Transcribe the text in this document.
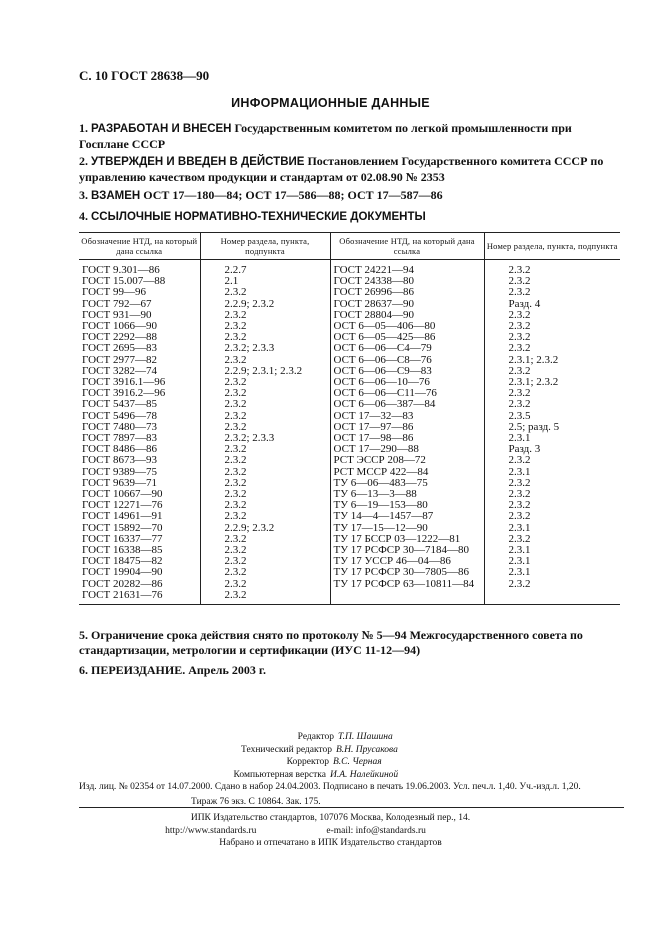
С. 10 ГОСТ 28638—90
ИНФОРМАЦИОННЫЕ ДАННЫЕ
1. РАЗРАБОТАН И ВНЕСЕН Государственным комитетом по легкой промышленности при Госплане СССР
2. УТВЕРЖДЕН И ВВЕДЕН В ДЕЙСТВИЕ Постановлением Государственного комитета СССР по управлению качеством продукции и стандартам от 02.08.90 № 2353
3. ВЗАМЕН ОСТ 17—180—84; ОСТ 17—586—88; ОСТ 17—587—86
4. ССЫЛОЧНЫЕ НОРМАТИВНО-ТЕХНИЧЕСКИЕ ДОКУМЕНТЫ
Обозначение НТД, на который дана ссылка	Номер раздела, пункта, подпункта	Обозначение НТД, на который дана ссылка	Номер раздела, пункта, подпункта
ГОСТ 9.301—86	2.2.7	ГОСТ 24221—94	2.3.2
ГОСТ 15.007—88	2.1	ГОСТ 24338—80	2.3.2
ГОСТ 99—96	2.3.2	ГОСТ 26996—86	2.3.2
ГОСТ 792—67	2.2.9; 2.3.2	ГОСТ 28637—90	Разд. 4
ГОСТ 931—90	2.3.2	ГОСТ 28804—90	2.3.2
ГОСТ 1066—90	2.3.2	ОСТ 6—05—406—80	2.3.2
ГОСТ 2292—88	2.3.2	ОСТ 6—05—425—86	2.3.2
ГОСТ 2695—83	2.3.2; 2.3.3	ОСТ 6—06—С4—79	2.3.2
ГОСТ 2977—82	2.3.2	ОСТ 6—06—С8—76	2.3.1; 2.3.2
ГОСТ 3282—74	2.2.9; 2.3.1; 2.3.2	ОСТ 6—06—С9—83	2.3.2
ГОСТ 3916.1—96	2.3.2	ОСТ 6—06—10—76	2.3.1; 2.3.2
ГОСТ 3916.2—96	2.3.2	ОСТ 6—06—С11—76	2.3.2
ГОСТ 5437—85	2.3.2	ОСТ 6—06—387—84	2.3.2
ГОСТ 5496—78	2.3.2	ОСТ 17—32—83	2.3.5
ГОСТ 7480—73	2.3.2	ОСТ 17—97—86	2.5; разд. 5
ГОСТ 7897—83	2.3.2; 2.3.3	ОСТ 17—98—86	2.3.1
ГОСТ 8486—86	2.3.2	ОСТ 17—290—88	Разд. 3
ГОСТ 8673—93	2.3.2	РСТ ЭССР 208—72	2.3.2
ГОСТ 9389—75	2.3.2	РСТ МССР 422—84	2.3.1
ГОСТ 9639—71	2.3.2	ТУ 6—06—483—75	2.3.2
ГОСТ 10667—90	2.3.2	ТУ 6—13—3—88	2.3.2
ГОСТ 12271—76	2.3.2	ТУ 6—19—153—80	2.3.2
ГОСТ 14961—91	2.3.2	ТУ 14—4—1457—87	2.3.2
ГОСТ 15892—70	2.2.9; 2.3.2	ТУ 17—15—12—90	2.3.1
ГОСТ 16337—77	2.3.2	ТУ 17 БССР 03—1222—81	2.3.2
ГОСТ 16338—85	2.3.2	ТУ 17 РСФСР 30—7184—80	2.3.1
ГОСТ 18475—82	2.3.2	ТУ 17 УССР 46—04—86	2.3.1
ГОСТ 19904—90	2.3.2	ТУ 17 РСФСР 30—7805—86	2.3.1
ГОСТ 20282—86	2.3.2	ТУ 17 РСФСР 63—10811—84	2.3.2
ГОСТ 21631—76	2.3.2		
5. Ограничение срока действия снято по протоколу № 5—94 Межгосударственного совета по стандартизации, метрологии и сертификации (ИУС 11-12—94)
6. ПЕРЕИЗДАНИЕ. Апрель 2003 г.
Редактор Т.П. Шашина
Технический редактор В.Н. Прусакова
Корректор В.С. Черная
Компьютерная верстка И.А. Налейкиной
Изд. лиц. № 02354 от 14.07.2000. Сдано в набор 24.04.2003. Подписано в печать 19.06.2003. Усл. печ.л. 1,40. Уч.-изд.л. 1,20.
Тираж 76 экз. С 10864. Зак. 175.
ИПК Издательство стандартов, 107076 Москва, Колодезный пер., 14.
http://www.standards.ru	e-mail: info@standards.ru
Набрано и отпечатано в ИПК Издательство стандартов
